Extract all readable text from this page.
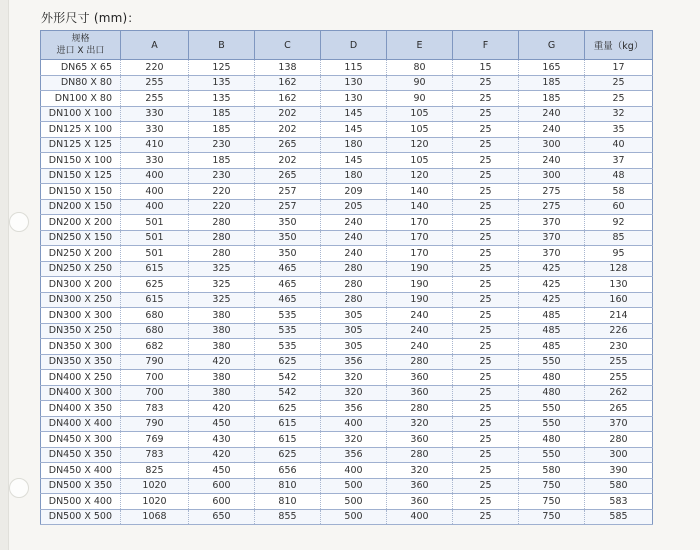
外形尺寸 (mm)：
规格
进口 X 出口	A	B	C	D	E	F	G	重量（kg）
DN65 X 65	220	125	138	115	80	15	165	17
DN80 X 80	255	135	162	130	90	25	185	25
DN100 X 80	255	135	162	130	90	25	185	25
DN100 X 100	330	185	202	145	105	25	240	32
DN125 X 100	330	185	202	145	105	25	240	35
DN125 X 125	410	230	265	180	120	25	300	40
DN150 X 100	330	185	202	145	105	25	240	37
DN150 X 125	400	230	265	180	120	25	300	48
DN150 X 150	400	220	257	209	140	25	275	58
DN200 X 150	400	220	257	205	140	25	275	60
DN200 X 200	501	280	350	240	170	25	370	92
DN250 X 150	501	280	350	240	170	25	370	85
DN250 X 200	501	280	350	240	170	25	370	95
DN250 X 250	615	325	465	280	190	25	425	128
DN300 X 200	625	325	465	280	190	25	425	130
DN300 X 250	615	325	465	280	190	25	425	160
DN300 X 300	680	380	535	305	240	25	485	214
DN350 X 250	680	380	535	305	240	25	485	226
DN350 X 300	682	380	535	305	240	25	485	230
DN350 X 350	790	420	625	356	280	25	550	255
DN400 X 250	700	380	542	320	360	25	480	255
DN400 X 300	700	380	542	320	360	25	480	262
DN400 X 350	783	420	625	356	280	25	550	265
DN400 X 400	790	450	615	400	320	25	550	370
DN450 X 300	769	430	615	320	360	25	480	280
DN450 X 350	783	420	625	356	280	25	550	300
DN450 X 400	825	450	656	400	320	25	580	390
DN500 X 350	1020	600	810	500	360	25	750	580
DN500 X 400	1020	600	810	500	360	25	750	583
DN500 X 500	1068	650	855	500	400	25	750	585
